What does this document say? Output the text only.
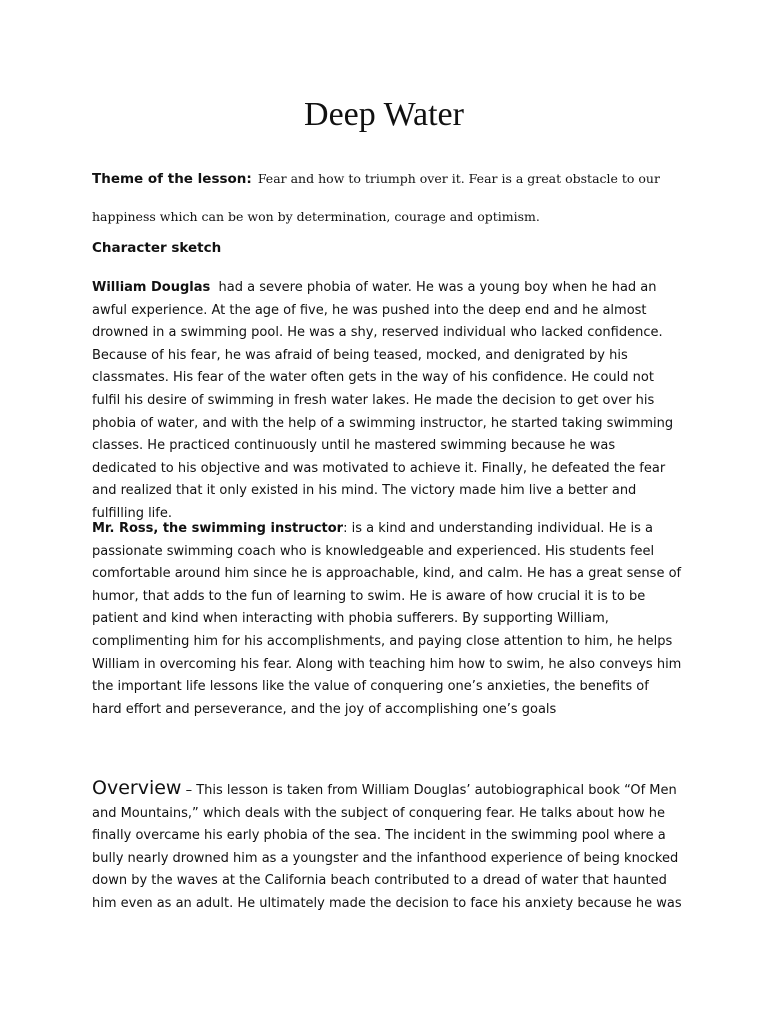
Deep Water

Theme of the lesson: Fear and how to triumph over it. Fear is a great obstacle to our happiness which can be won by determination, courage and optimism.

Character sketch

William Douglas had a severe phobia of water. He was a young boy when he had an awful experience. At the age of five, he was pushed into the deep end and he almost drowned in a swimming pool. He was a shy, reserved individual who lacked confidence. Because of his fear, he was afraid of being teased, mocked, and denigrated by his classmates. His fear of the water often gets in the way of his confidence. He could not fulfil his desire of swimming in fresh water lakes. He made the decision to get over his phobia of water, and with the help of a swimming instructor, he started taking swimming classes. He practiced continuously until he mastered swimming because he was dedicated to his objective and was motivated to achieve it. Finally, he defeated the fear and realized that it only existed in his mind. The victory made him live a better and fulfilling life.

Mr. Ross, the swimming instructor: is a kind and understanding individual. He is a passionate swimming coach who is knowledgeable and experienced. His students feel comfortable around him since he is approachable, kind, and calm. He has a great sense of humor, that adds to the fun of learning to swim. He is aware of how crucial it is to be patient and kind when interacting with phobia sufferers. By supporting William, complimenting him for his accomplishments, and paying close attention to him, he helps William in overcoming his fear. Along with teaching him how to swim, he also conveys him the important life lessons like the value of conquering one’s anxieties, the benefits of hard effort and perseverance, and the joy of accomplishing one’s goals

Overview – This lesson is taken from William Douglas’ autobiographical book “Of Men and Mountains,” which deals with the subject of conquering fear. He talks about how he finally overcame his early phobia of the sea. The incident in the swimming pool where a bully nearly drowned him as a youngster and the infanthood experience of being knocked down by the waves at the California beach contributed to a dread of water that haunted him even as an adult. He ultimately made the decision to face his anxiety because he was
